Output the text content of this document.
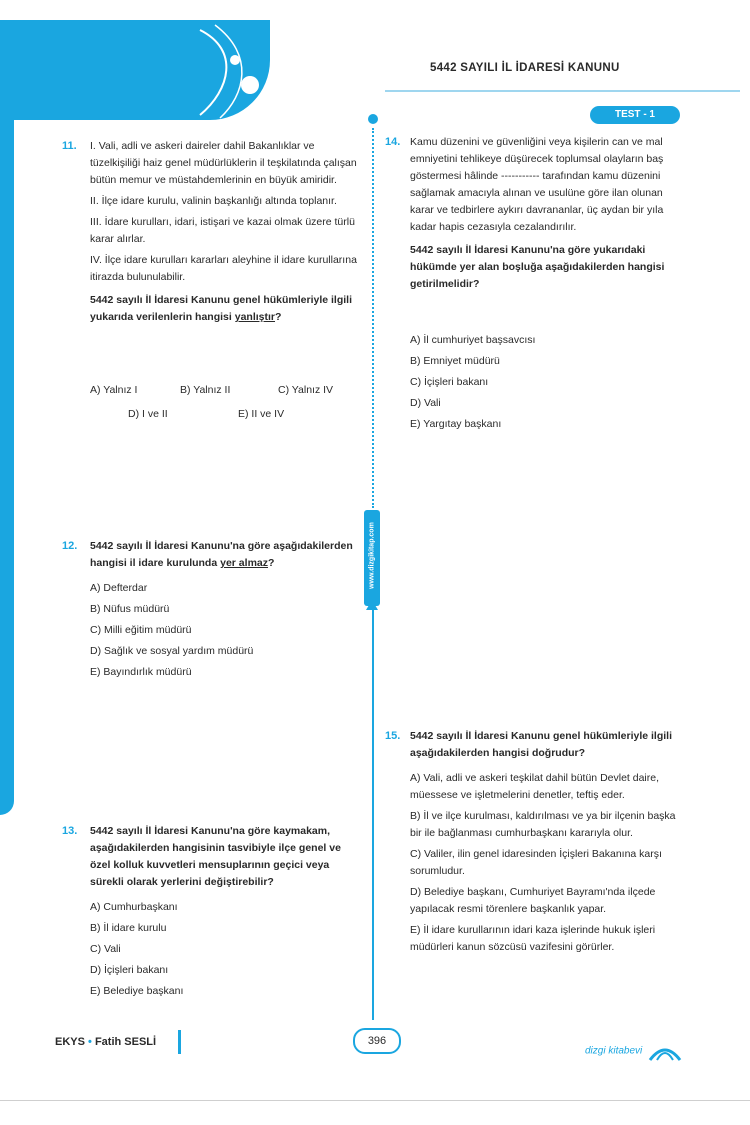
5442 SAYILI İL İDARESİ KANUNU
TEST - 1
www.dizgikitap.com
11. I. Vali, adli ve askeri daireler dahil Bakanlıklar ve tüzelkişiliği haiz genel müdürlüklerin il teşkilatında çalışan bütün memur ve müstahdemlerinin en büyük amiridir.
II. İlçe idare kurulu, valinin başkanlığı altında toplanır.
III. İdare kurulları, idari, istişari ve kazai olmak üzere türlü karar alırlar.
IV. İlçe idare kurulları kararları aleyhine il idare kurullarına itirazda bulunulabilir.
5442 sayılı İl İdaresi Kanunu genel hükümleriyle ilgili yukarıda verilenlerin hangisi yanlıştır?
A) Yalnız I	B) Yalnız II	C) Yalnız IV
D) I ve II	E) II ve IV
12. 5442 sayılı İl İdaresi Kanunu'na göre aşağıdakilerden hangisi il idare kurulunda yer almaz?
A) Defterdar
B) Nüfus müdürü
C) Milli eğitim müdürü
D) Sağlık ve sosyal yardım müdürü
E) Bayındırlık müdürü
13. 5442 sayılı İl İdaresi Kanunu'na göre kaymakam, aşağıdakilerden hangisinin tasvibiyle ilçe genel ve özel kolluk kuvvetleri mensuplarının geçici veya sürekli olarak yerlerini değiştirebilir?
A) Cumhurbaşkanı
B) İl idare kurulu
C) Vali
D) İçişleri bakanı
E) Belediye başkanı
14. Kamu düzenini ve güvenliğini veya kişilerin can ve mal emniyetini tehlikeye düşürecek toplumsal olayların baş göstermesi hâlinde ----------- tarafından kamu düzenini sağlamak amacıyla alınan ve usulüne göre ilan olunan karar ve tedbirlere aykırı davrananlar, üç aydan bir yıla kadar hapis cezasıyla cezalandırılır.
5442 sayılı İl İdaresi Kanunu'na göre yukarıdaki hükümde yer alan boşluğa aşağıdakilerden hangisi getirilmelidir?
A) İl cumhuriyet başsavcısı
B) Emniyet müdürü
C) İçişleri bakanı
D) Vali
E) Yargıtay başkanı
15. 5442 sayılı İl İdaresi Kanunu genel hükümleriyle ilgili aşağıdakilerden hangisi doğrudur?
A) Vali, adli ve askeri teşkilat dahil bütün Devlet daire, müessese ve işletmelerini denetler, teftiş eder.
B) İl ve ilçe kurulması, kaldırılması ve ya bir ilçenin başka bir ile bağlanması cumhurbaşkanı kararıyla olur.
C) Valiler, ilin genel idaresinden İçişleri Bakanına karşı sorumludur.
D) Belediye başkanı, Cumhuriyet Bayramı'nda ilçede yapılacak resmi törenlere başkanlık yapar.
E) İl idare kurullarının idari kaza işlerinde hukuk işleri müdürleri kanun sözcüsü vazifesini görürler.
EKYS • Fatih SESLİ	396
dizgi kitabevi
